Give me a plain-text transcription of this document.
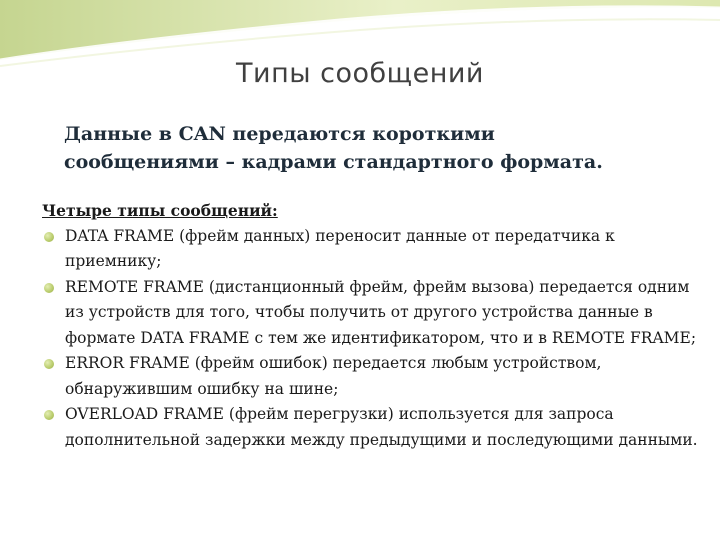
Типы сообщений
Данные в CAN передаются короткими
сообщениями – кадрами стандартного формата.
Четыре типы сообщений:
DATA FRAME (фрейм данных) переносит данные от передатчика к приемнику;
REMOTE FRAME (дистанционный фрейм, фрейм вызова) передается одним из устройств для того, чтобы получить от другого устройства данные в формате DATA FRAME с тем же идентификатором, что и в REMOTE FRAME;
ERROR FRAME (фрейм ошибок) передается любым устройством, обнаружившим ошибку на шине;
OVERLOAD FRAME (фрейм перегрузки) используется для запроса дополнительной задержки между предыдущими и последующими данными.
